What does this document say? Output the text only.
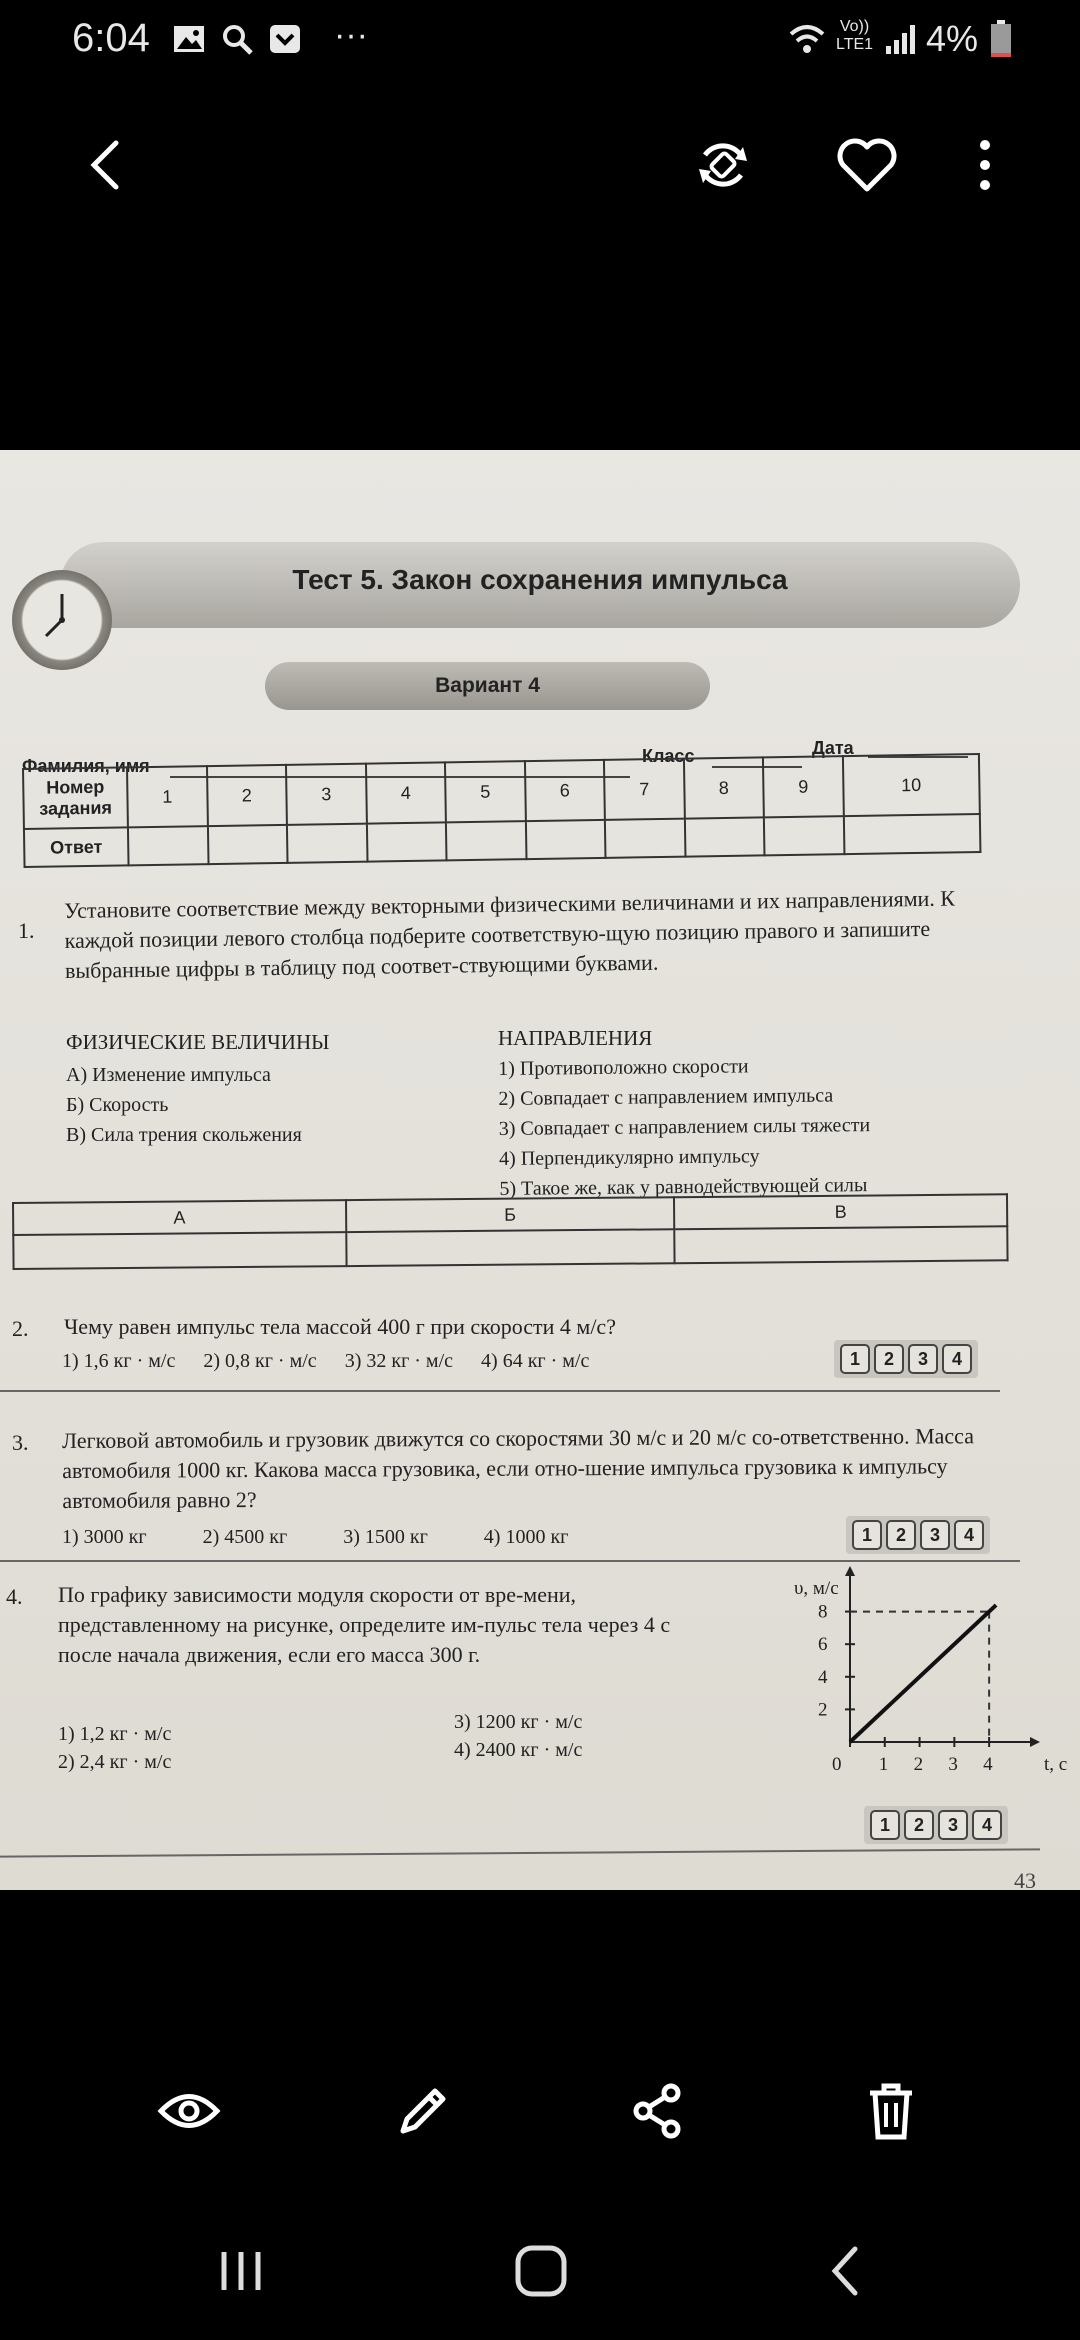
6:04	···	Vo))
LTE1 4%
Тест 5. Закон сохранения импульса
Вариант 4
Фамилия, имя	Класс	Дата
Номер задания	1	2	3	4	5	6	7	8	9	10
Ответ										
1.
Установите соответствие между векторными физическими величинами и их направлениями. К каждой позиции левого столбца подберите соответствую-щую позицию правого и запишите выбранные цифры в таблицу под соответ-ствующими буквами.
ФИЗИЧЕСКИЕ ВЕЛИЧИНЫ
А) Изменение импульса
Б) Скорость
В) Сила трения скольжения
НАПРАВЛЕНИЯ
1) Противоположно скорости
2) Совпадает с направлением импульса
3) Совпадает с направлением силы тяжести
4) Перпендикулярно импульсу
5) Такое же, как у равнодействующей силы
А	Б	В

2. Чему равен импульс тела массой 400 г при скорости 4 м/с?
1) 1,6 кг · м/с 2) 0,8 кг · м/с 3) 32 кг · м/с 4) 64 кг · м/с	1	2	3	4
3. Легковой автомобиль и грузовик движутся со скоростями 30 м/с и 20 м/с со-ответственно. Масса автомобиля 1000 кг. Какова масса грузовика, если отно-шение импульса грузовика к импульсу автомобиля равно 2?
1) 3000 кг	2) 4500 кг	3) 1500 кг	4) 1000 кг	1	2	3	4
4. По графику зависимости модуля скорости от вре-мени, представленному на рисунке, определите им-пульс тела через 4 с после начала движения, если его масса 300 г.
1) 1,2 кг · м/с
2) 2,4 кг · м/с
3) 1200 кг · м/с
4) 2400 кг · м/с
υ, м/с
t, с
0 1 2 3 4
2
4
6
8
1	2	3	4
43
